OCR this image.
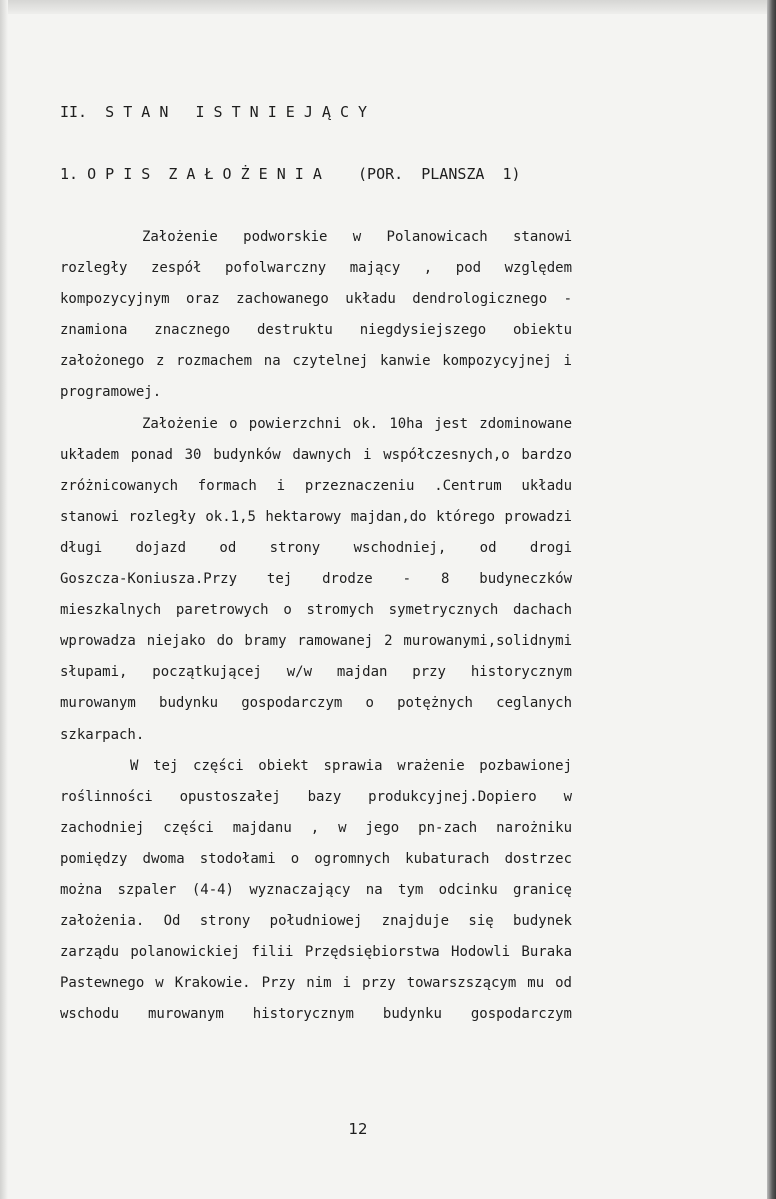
II.  S T A N   I S T N I E J Ą C Y
1. O P I S  Z A Ł O Ż E N I A    (POR.  PLANSZA  1)
Założenie podworskie w Polanowicach stanowi
rozległy zespół pofolwarczny mający , pod względem
kompozycyjnym oraz zachowanego układu dendrologicznego -
znamiona znacznego destruktu niegdysiejszego obiektu
założonego z rozmachem na czytelnej kanwie kompozycyjnej i
programowej.
Założenie o powierzchni ok. 10ha jest zdominowane
układem ponad 30 budynków dawnych i współczesnych,o bardzo
zróżnicowanych formach i przeznaczeniu .Centrum układu
stanowi rozległy ok.1,5 hektarowy majdan,do którego prowadzi
długi dojazd od strony wschodniej, od drogi
Goszcza-Koniusza.Przy tej drodze - 8 budyneczków
mieszkalnych paretrowych o stromych symetrycznych dachach
wprowadza niejako do bramy ramowanej 2 murowanymi,solidnymi
słupami, początkującej w/w majdan przy historycznym
murowanym budynku gospodarczym o potężnych ceglanych
szkarpach.
W tej części obiekt sprawia wrażenie pozbawionej
roślinności opustoszałej bazy produkcyjnej.Dopiero w
zachodniej części majdanu , w jego pn-zach narożniku
pomiędzy dwoma stodołami o ogromnych kubaturach dostrzec
można szpaler (4-4) wyznaczający na tym odcinku granicę
założenia. Od strony południowej znajduje się budynek
zarządu polanowickiej filii Przędsiębiorstwa Hodowli Buraka
Pastewnego w Krakowie. Przy nim i przy towarszszącym mu od
wschodu murowanym historycznym budynku gospodarczym
12
